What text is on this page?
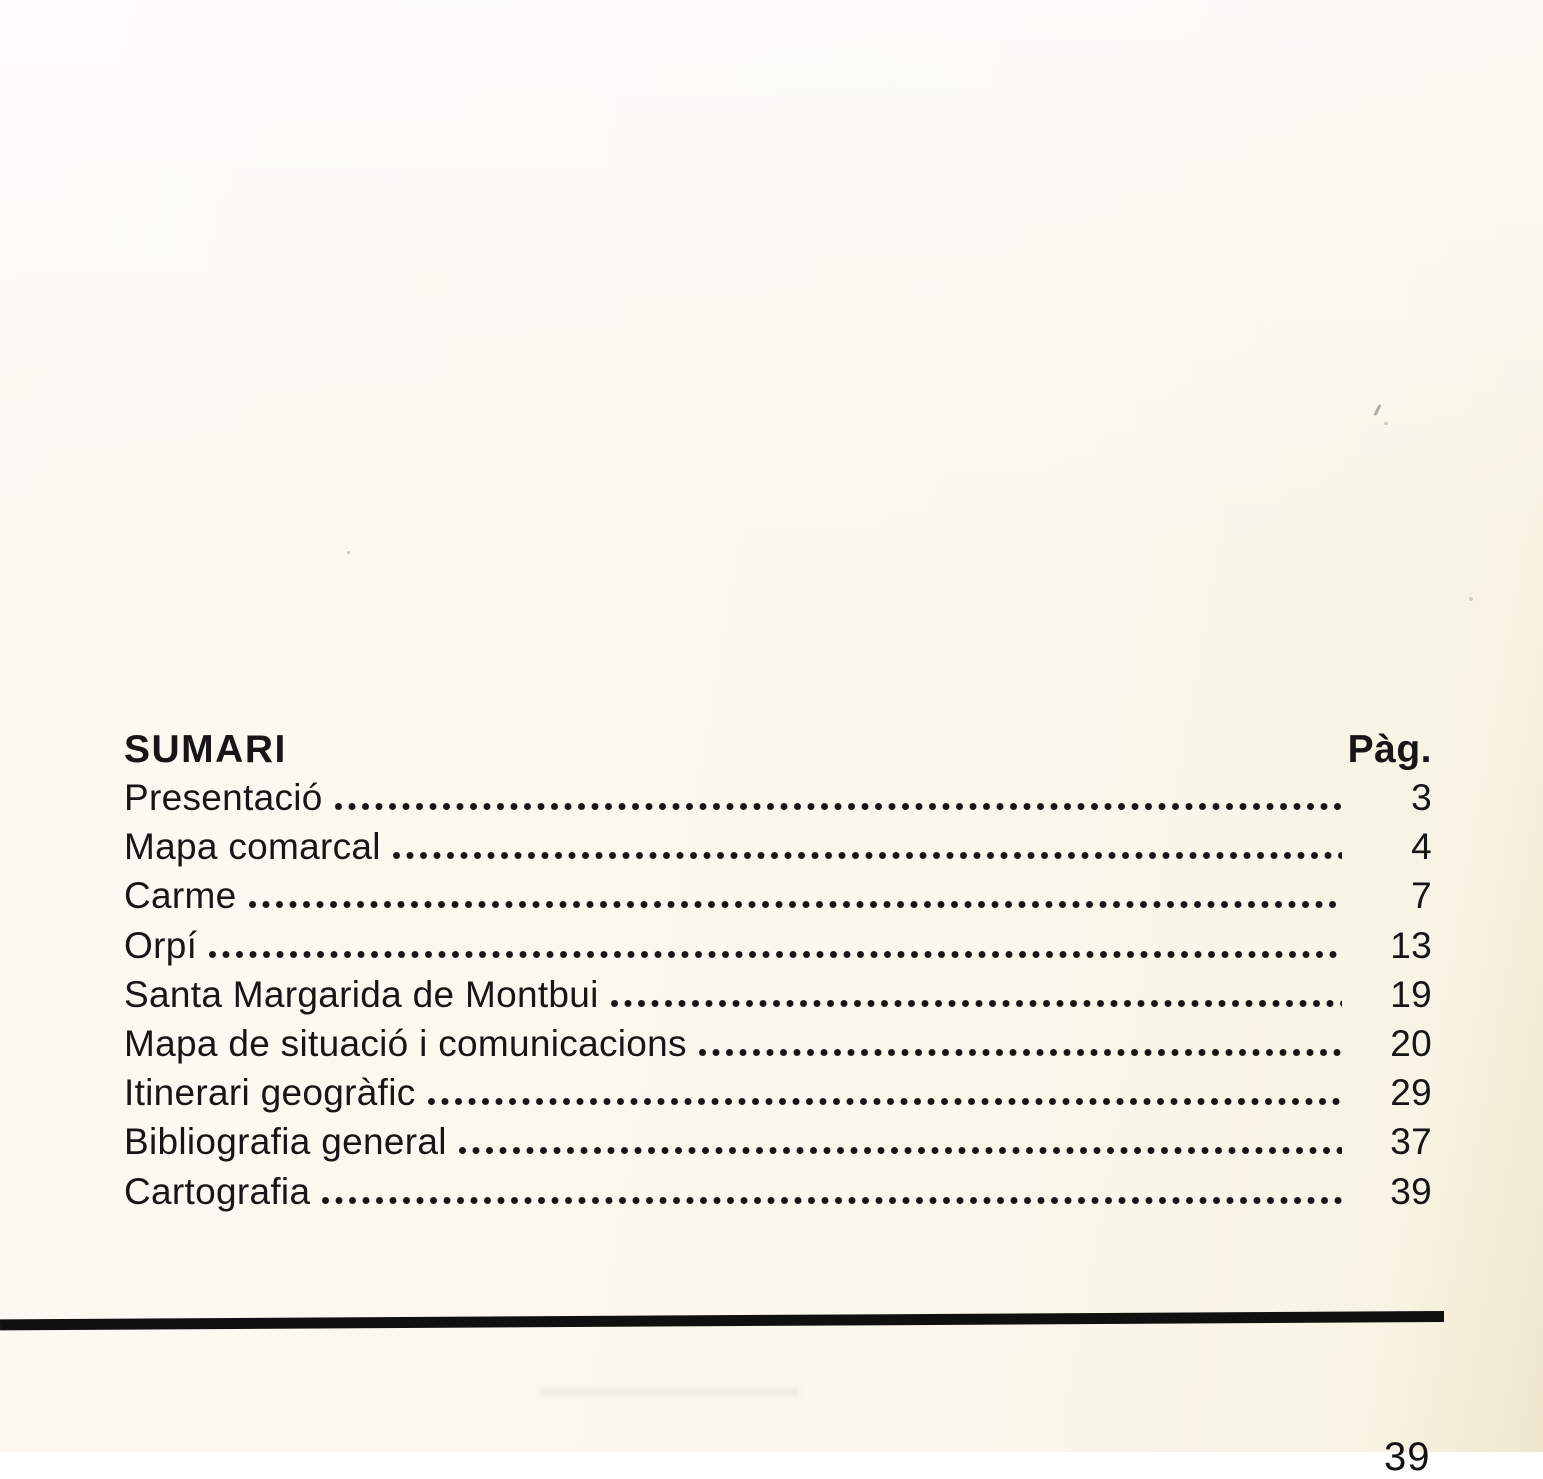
SUMARI	Pàg.
Presentació	3
Mapa comarcal	4
Carme	7
Orpí	13
Santa Margarida de Montbui	19
Mapa de situació i comunicacions	20
Itinerari geogràfic	29
Bibliografia general	37
Cartografia	39
39
